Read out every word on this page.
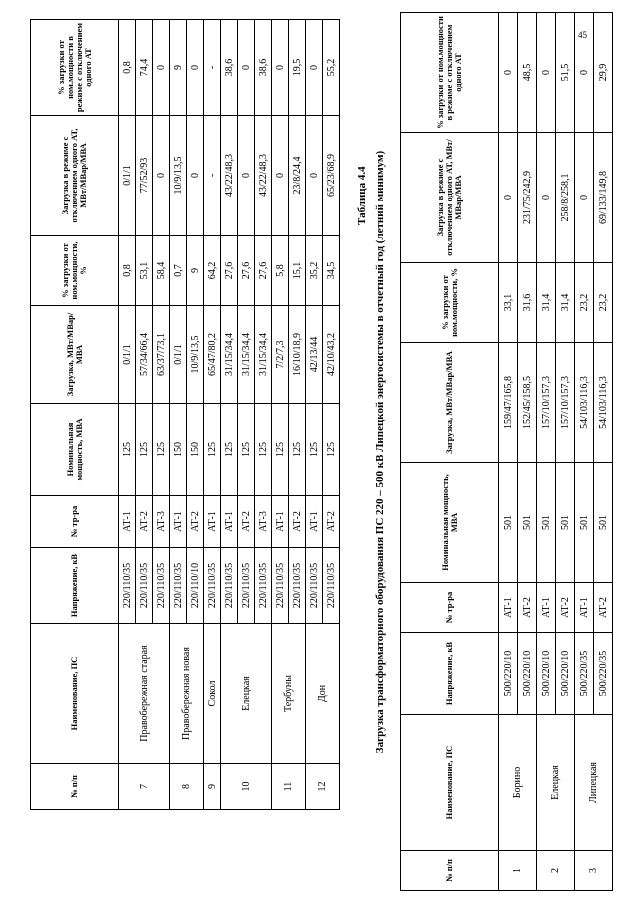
45
№ п/п	Наименование, ПС	Напряжение, кВ	№ тр-ра	Номинальная мощность, МВА	Загрузка, МВт/МВар/МВА	% загрузки от ном.мощности, %	Загрузка в режиме с отключением одного АТ, МВт/МВар/МВА	% загрузки от ном.мощности в режиме с отключением одного АТ
7	Правобережная старая	220/110/35	АТ-1	125	0/1/1	0,8	0/1/1	0,8
		220/110/35	АТ-2	125	57/34/66,4	53,1	77/52/93	74,4
		220/110/35	АТ-3	125	63/37/73,1	58,4	0	0
8	Правобережная новая	220/110/35	АТ-1	150	0/1/1	0,7	10/9/13,5	9
		220/110/10	АТ-2	150	10/9/13,5	9	0	0
9	Сокол	220/110/35	АТ-1	125	65/47/80,2	64,2	-	-
10	Елецкая	220/110/35	АТ-1	125	31/15/34,4	27,6	43/22/48,3	38,6
		220/110/35	АТ-2	125	31/15/34,4	27,6	0	0
		220/110/35	АТ-3	125	31/15/34,4	27,6	43/22/48,3	38,6
11	Тербуны	220/110/35	АТ-1	125	7/2/7,3	5,8	0	0
		220/110/35	АТ-2	125	16/10/18,9	15,1	23/8/24,4	19,5
12	Дон	220/110/35	АТ-1	125	42/13/44	35,2	0	0
		220/110/35	АТ-2	125	42/10/43,2	34,5	65/23/68,9	55,2
Таблица 4.4 Загрузка трансформаторного оборудования ПС 220 – 500 кВ Липецкой энергосистемы в отчетный год (летний минимум)
№ п/п	Наименование, ПС	Напряжение, кВ	№ тр-ра	Номинальная мощность, МВА	Загрузка, МВт/МВар/МВА	% загрузки от ном.мощности, %	Загрузка в режиме с отключением одного АТ, МВт/МВар/МВА	% загрузки от ном.мощности в режиме с отключением одного АТ
1	Борино	500/220/10	АТ-1	501	159/47/165,8	33,1	0	0
		500/220/10	АТ-2	501	152/45/158,5	31,6	231/75/242,9	48,5
2	Елецкая	500/220/10	АТ-1	501	157/10/157,3	31,4	0	0
		500/220/10	АТ-2	501	157/10/157,3	31,4	258/8/258,1	51,5
3	Липецкая	500/220/35	АТ-1	501	54/103/116,3	23,2	0	0
		500/220/35	АТ-2	501	54/103/116,3	23,2	69/133/149,8	29,9
